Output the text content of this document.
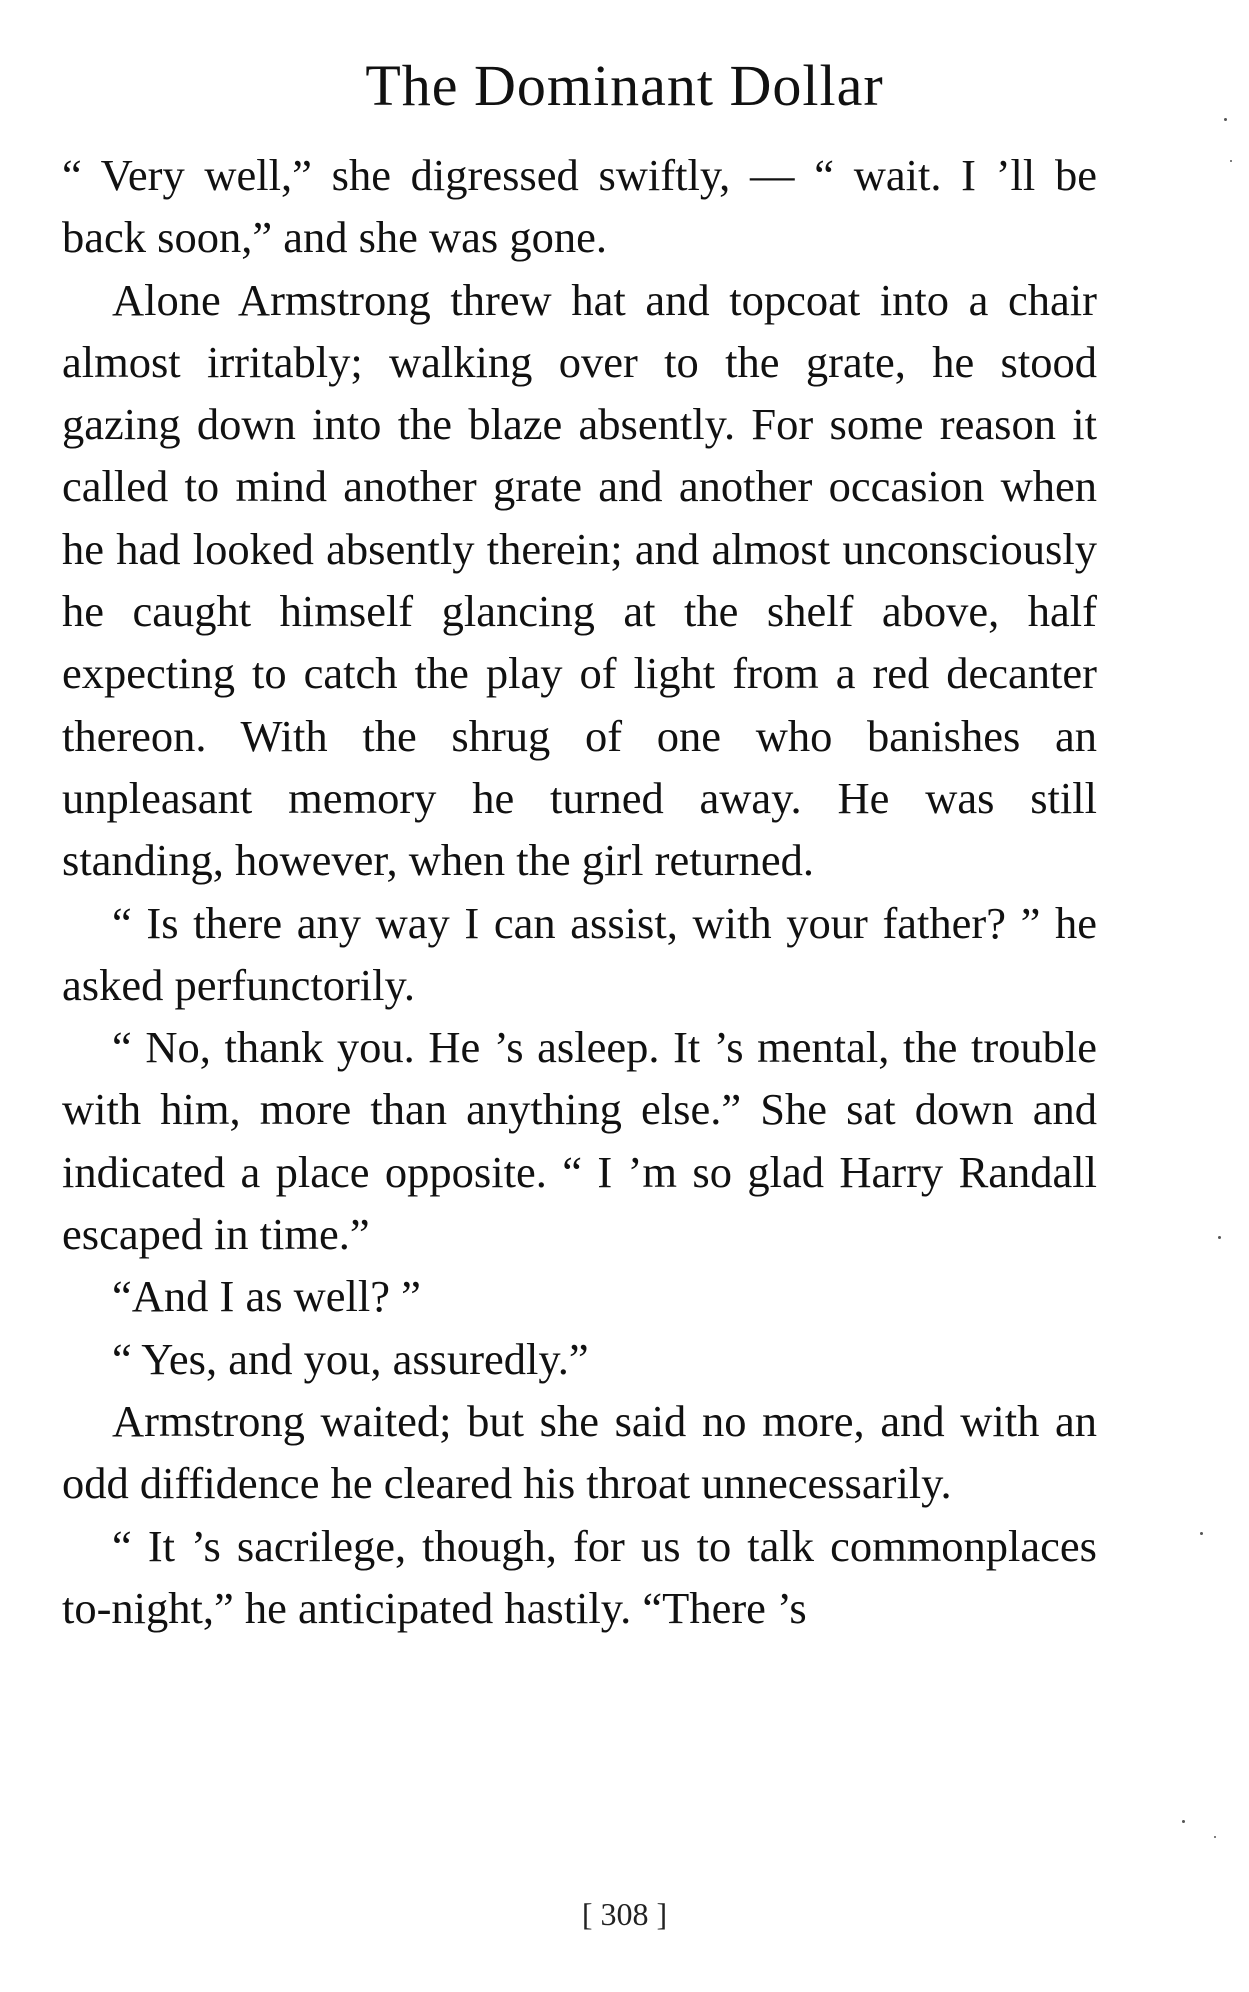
The Dominant Dollar

“ Very well,” she digressed swiftly, — “ wait. I ’ll be back soon,” and she was gone.

Alone Armstrong threw hat and topcoat into a chair almost irritably; walking over to the grate, he stood gazing down into the blaze absently. For some reason it called to mind another grate and another occasion when he had looked absently therein; and almost unconsciously he caught himself glancing at the shelf above, half expecting to catch the play of light from a red decanter thereon. With the shrug of one who banishes an unpleasant memory he turned away. He was still standing, however, when the girl returned.

“ Is there any way I can assist, with your father? ” he asked perfunctorily.

“ No, thank you. He ’s asleep. It ’s mental, the trouble with him, more than anything else.” She sat down and indicated a place opposite. “ I ’m so glad Harry Randall escaped in time.”

“And I as well? ”

“ Yes, and you, assuredly.”

Armstrong waited; but she said no more, and with an odd diffidence he cleared his throat unnecessarily.

“ It ’s sacrilege, though, for us to talk commonplaces to-night,” he anticipated hastily. “There ’s

[ 308 ]
